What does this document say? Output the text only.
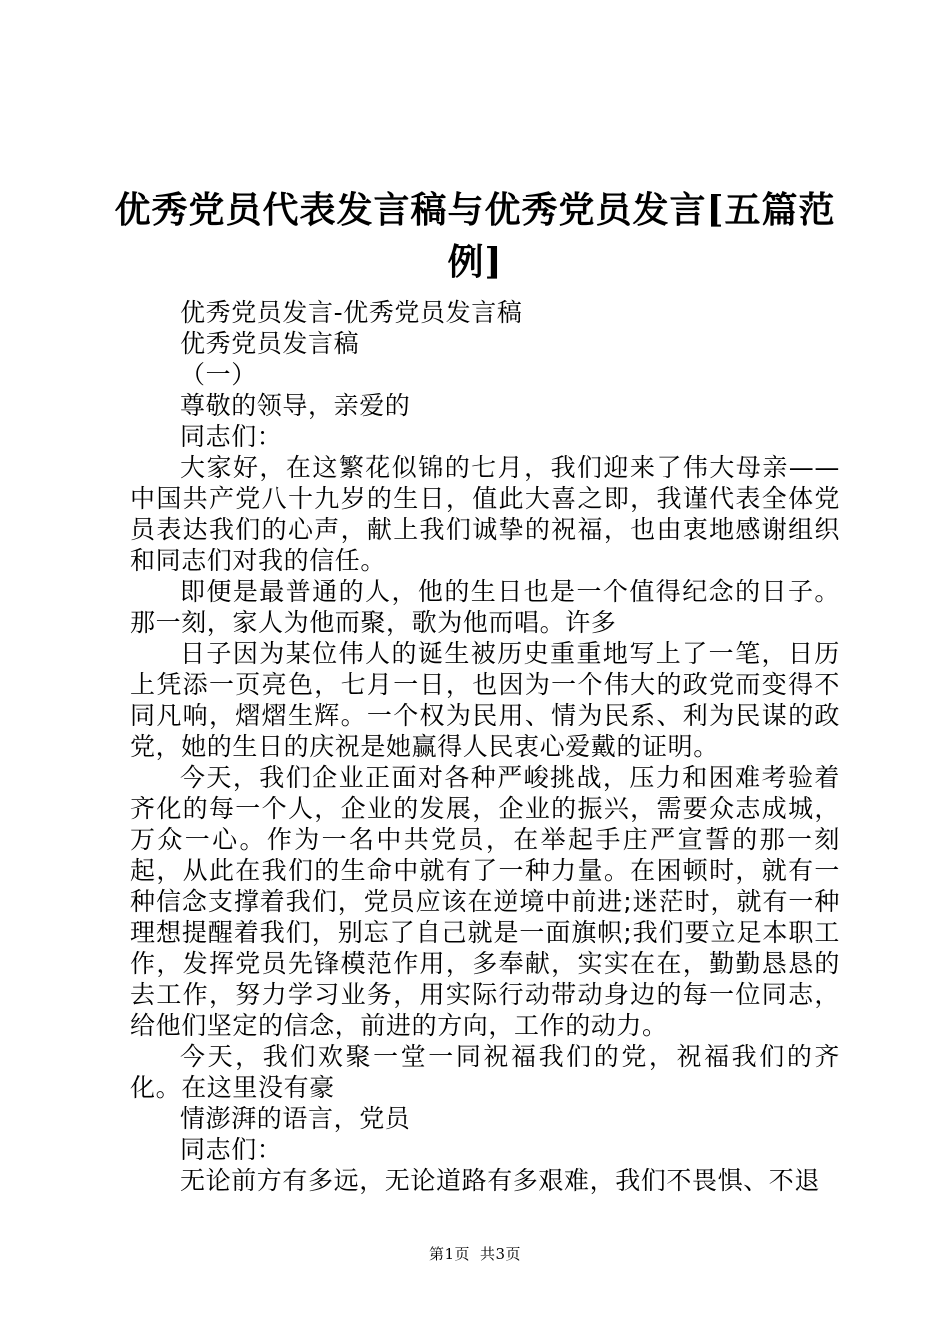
优秀党员代表发言稿与优秀党员发言[五篇范例]

优秀党员发言-优秀党员发言稿

优秀党员发言稿

（一）

尊敬的领导，亲爱的

同志们：

大家好，在这繁花似锦的七月，我们迎来了伟大母亲——中国共产党八十九岁的生日，值此大喜之即，我谨代表全体党员表达我们的心声，献上我们诚挚的祝福，也由衷地感谢组织和同志们对我的信任。

即便是最普通的人，他的生日也是一个值得纪念的日子。那一刻，家人为他而聚，歌为他而唱。许多

日子因为某位伟人的诞生被历史重重地写上了一笔，日历上凭添一页亮色，七月一日，也因为一个伟大的政党而变得不同凡响，熠熠生辉。一个权为民用、情为民系、利为民谋的政党，她的生日的庆祝是她赢得人民衷心爱戴的证明。

今天，我们企业正面对各种严峻挑战，压力和困难考验着齐化的每一个人，企业的发展，企业的振兴，需要众志成城，万众一心。作为一名中共党员，在举起手庄严宣誓的那一刻起，从此在我们的生命中就有了一种力量。在困顿时，就有一种信念支撑着我们，党员应该在逆境中前进;迷茫时，就有一种理想提醒着我们，别忘了自己就是一面旗帜;我们要立足本职工作，发挥党员先锋模范作用，多奉献，实实在在，勤勤恳恳的去工作，努力学习业务，用实际行动带动身边的每一位同志，给他们坚定的信念，前进的方向，工作的动力。

今天，我们欢聚一堂一同祝福我们的党，祝福我们的齐化。在这里没有豪

情澎湃的语言，党员

同志们：

无论前方有多远，无论道路有多艰难，我们不畏惧、不退

第1页 共3页
